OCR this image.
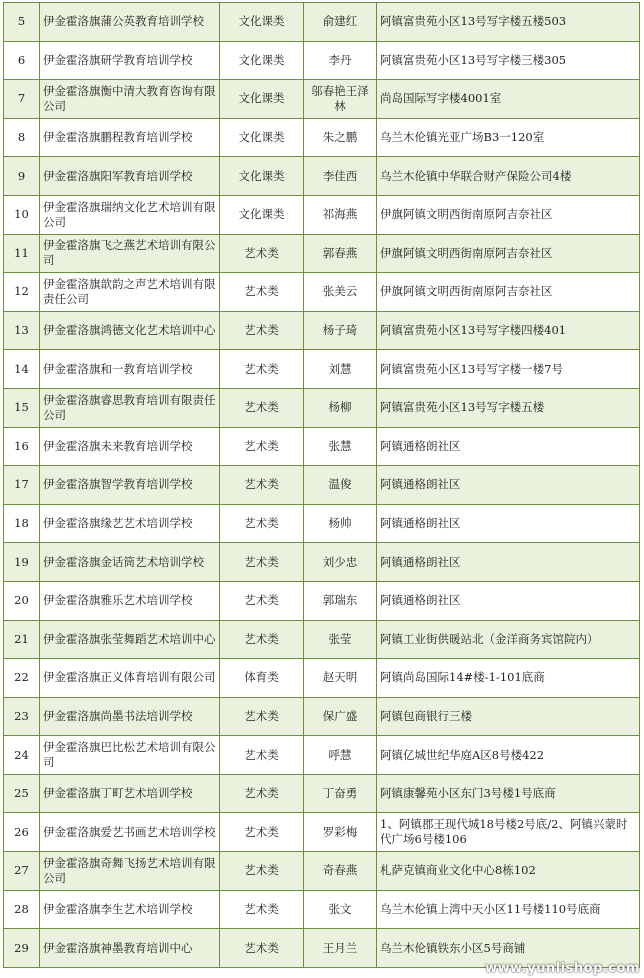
5	伊金霍洛旗蒲公英教育培训学校	文化课类	俞建红	阿镇富贵苑小区13号写字楼五楼503
6	伊金霍洛旗研学教育培训学校	文化课类	李丹	阿镇富贵苑小区13号写字楼三楼305
7	伊金霍洛旗衡中清大教育咨询有限公司	文化课类	邬春艳王泽林	尚岛国际写字楼4001室
8	伊金霍洛旗鹏程教育培训学校	文化课类	朱之鹏	乌兰木伦镇光亚广场B3一120室
9	伊金霍洛旗阳军教育培训学校	文化课类	李佳西	乌兰木伦镇中华联合财产保险公司4楼
10	伊金霍洛旗瑞纳文化艺术培训有限公司	文化课类	祁海燕	伊旗阿镇文明西街南原阿吉奈社区
11	伊金霍洛旗飞之燕艺术培训有限公司	艺术类	郭春燕	伊旗阿镇文明西街南原阿吉奈社区
12	伊金霍洛旗歆韵之声艺术培训有限责任公司	艺术类	张美云	伊旗阿镇文明西街南原阿吉奈社区
13	伊金霍洛旗鸿德文化艺术培训中心	艺术类	杨子琦	阿镇富贵苑小区13号写字楼四楼401
14	伊金霍洛旗和一教育培训学校	艺术类	刘慧	阿镇富贵苑小区13号写字楼一楼7号
15	伊金霍洛旗睿思教育培训有限责任公司	艺术类	杨柳	阿镇富贵苑小区13号写字楼五楼
16	伊金霍洛旗未来教育培训学校	艺术类	张慧	阿镇通格朗社区
17	伊金霍洛旗智学教育培训学校	艺术类	温俊	阿镇通格朗社区
18	伊金霍洛旗缘艺艺术培训学校	艺术类	杨帅	阿镇通格朗社区
19	伊金霍洛旗金话筒艺术培训学校	艺术类	刘少忠	阿镇通格朗社区
20	伊金霍洛旗雅乐艺术培训学校	艺术类	郭瑞东	阿镇通格朗社区
21	伊金霍洛旗张莹舞蹈艺术培训中心	艺术类	张莹	阿镇工业街供暖站北（金洋商务宾馆院内）
22	伊金霍洛旗正义体育培训有限公司	体育类	赵天明	阿镇尚岛国际14#楼-1-101底商
23	伊金霍洛旗尚墨书法培训学校	艺术类	保广盛	阿镇包商银行三楼
24	伊金霍洛旗巴比松艺术培训有限公司	艺术类	呼慧	阿镇亿城世纪华庭A区8号楼422
25	伊金霍洛旗丁町艺术培训学校	艺术类	丁奋勇	阿镇康馨苑小区东门3号楼1号底商
26	伊金霍洛旗爱艺书画艺术培训学校	艺术类	罗彩梅	1、阿镇郡王现代城18号楼2号底/2、阿镇兴蒙时代广场6号楼106
27	伊金霍洛旗奇舞飞扬艺术培训有限公司	艺术类	奇春燕	札萨克镇商业文化中心8栋102
28	伊金霍洛旗李生艺术培训学校	艺术类	张文	乌兰木伦镇上湾中天小区11号楼110号底商
29	伊金霍洛旗神墨教育培训中心	艺术类	王月兰	乌兰木伦镇铁东小区5号商铺
www.yunlishop.com
